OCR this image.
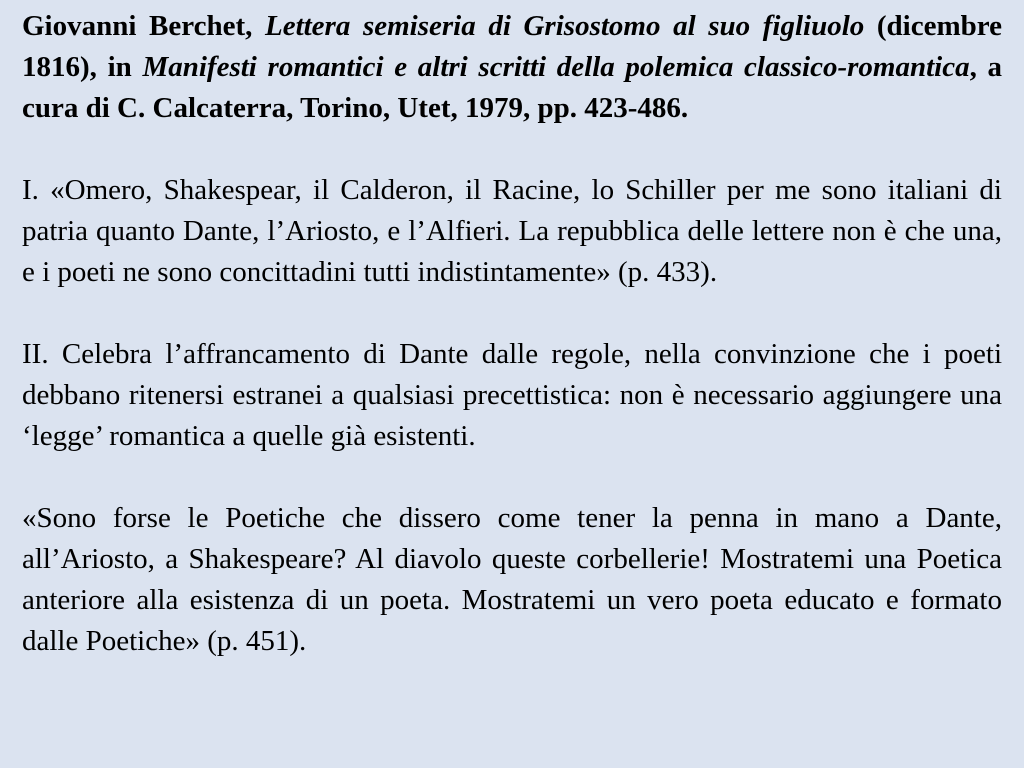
Giovanni Berchet, Lettera semiseria di Grisostomo al suo figliuolo (dicembre 1816), in Manifesti romantici e altri scritti della polemica classico-romantica, a cura di C. Calcaterra, Torino, Utet, 1979, pp. 423-486.

I. «Omero, Shakespear, il Calderon, il Racine, lo Schiller per me sono italiani di patria quanto Dante, l’Ariosto, e l’Alfieri. La repubblica delle lettere non è che una, e i poeti ne sono concittadini tutti indistintamente» (p. 433).

II. Celebra l’affrancamento di Dante dalle regole, nella convinzione che i poeti debbano ritenersi estranei a qualsiasi precettistica: non è necessario aggiungere una ‘legge’ romantica a quelle già esistenti.

«Sono forse le Poetiche che dissero come tener la penna in mano a Dante, all’Ariosto, a Shakespeare? Al diavolo queste corbellerie! Mostratemi una Poetica anteriore alla esistenza di un poeta. Mostratemi un vero poeta educato e formato dalle Poetiche» (p. 451).
